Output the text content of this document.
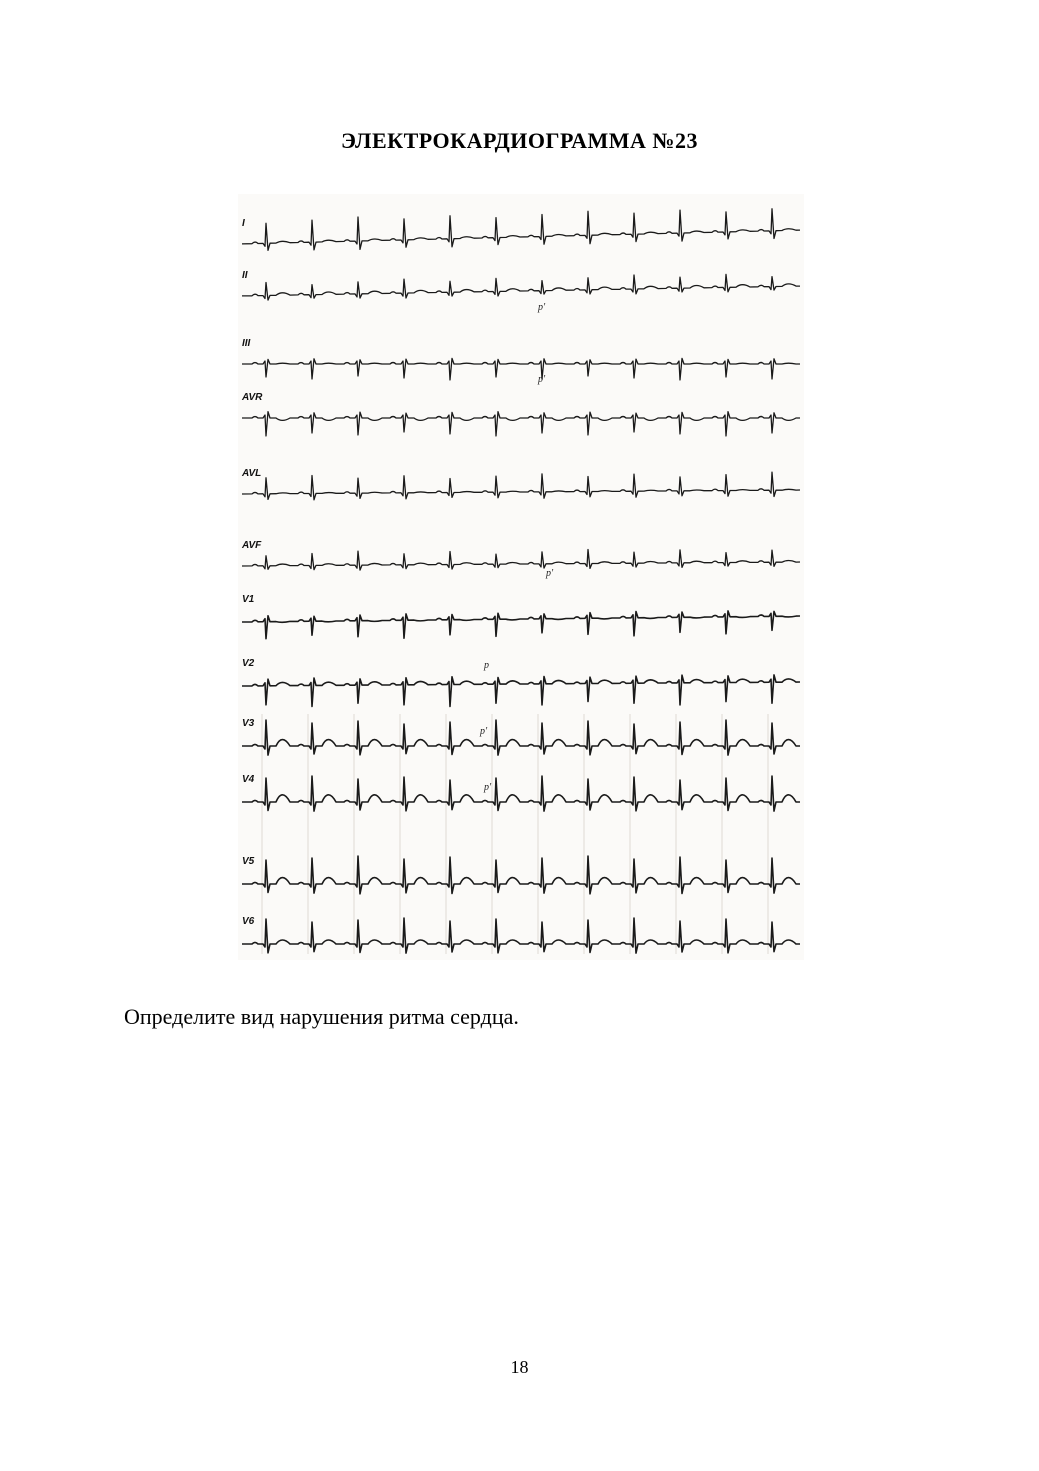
ЭЛЕКТРОКАРДИОГРАММА №23
I
II
III
AVR
AVL
AVF
V1
V2
V3
V4
V5
V6
p'
p'
p'
p
p'
p'
Определите вид нарушения ритма сердца.
18
